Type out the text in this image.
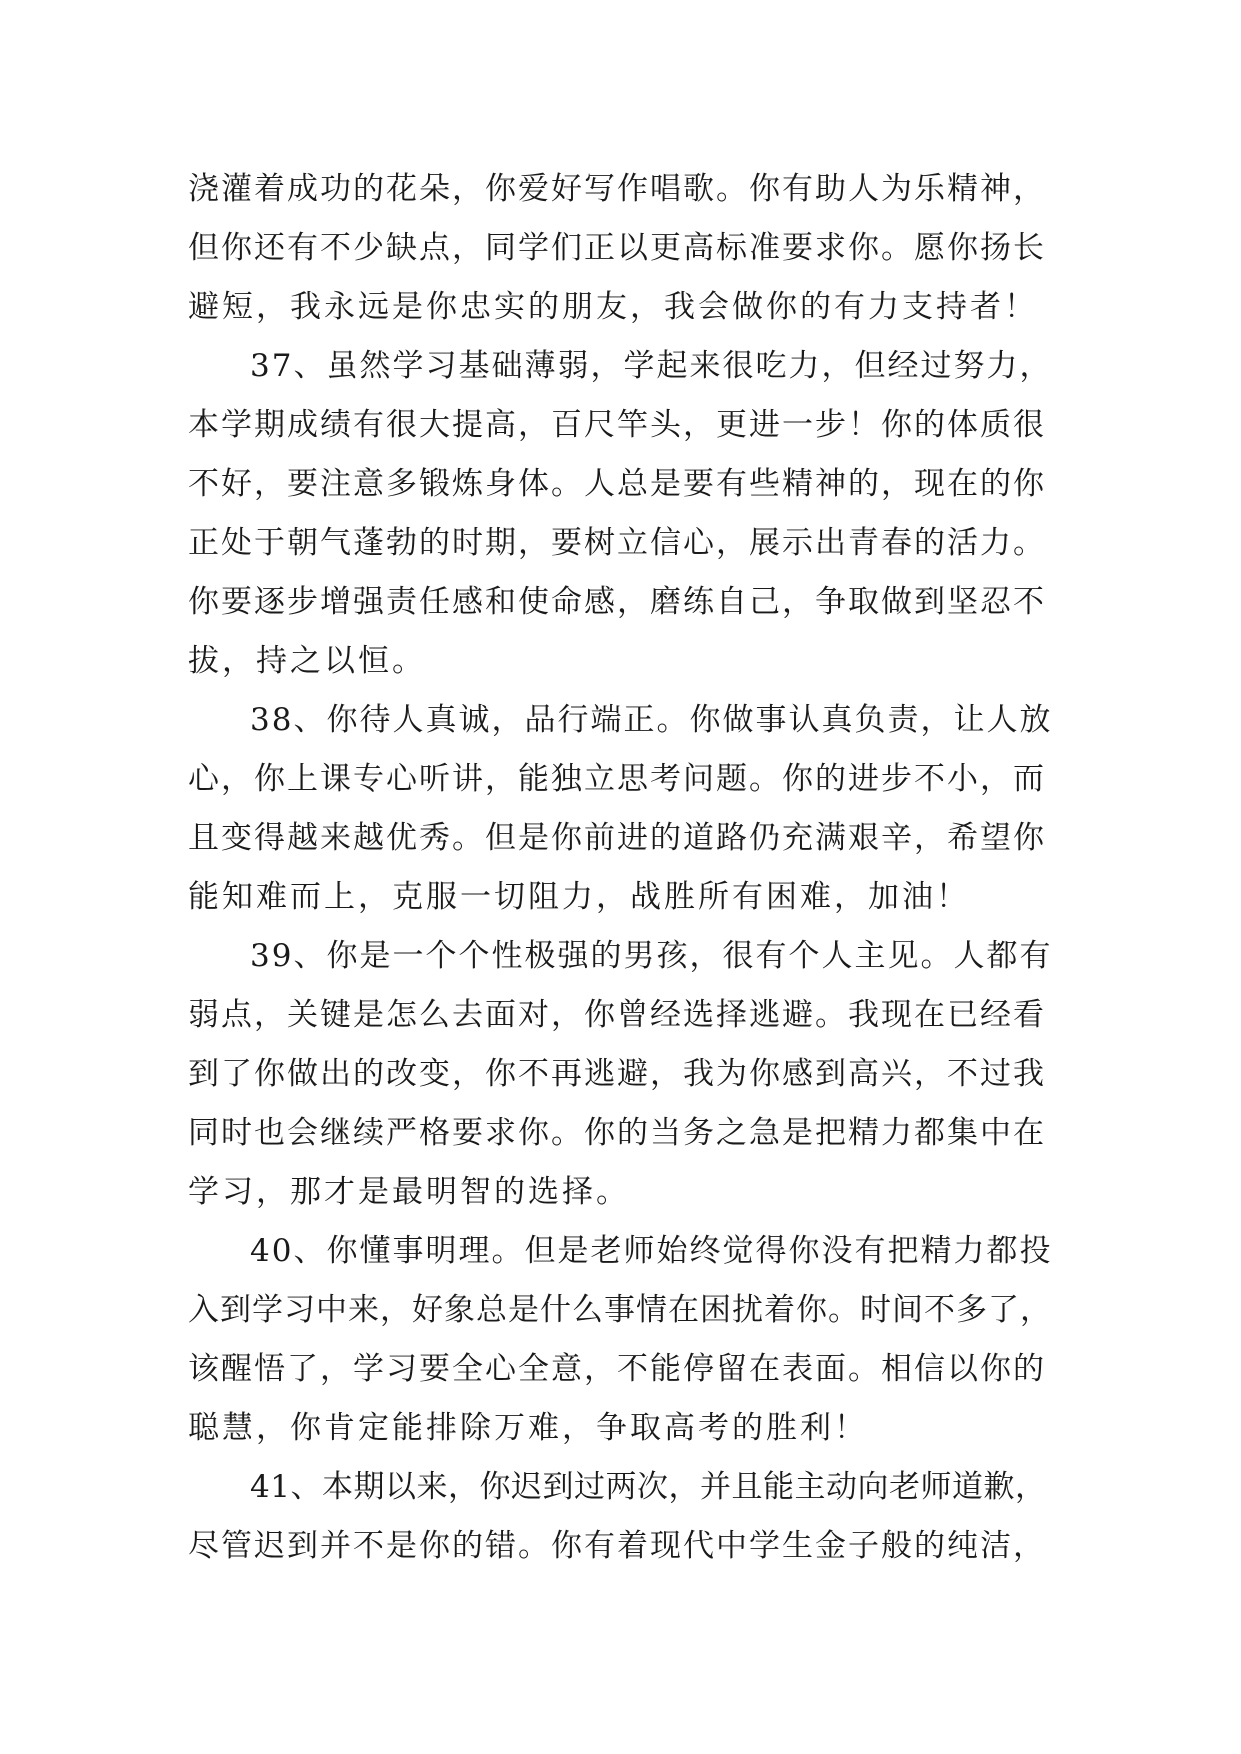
浇灌着成功的花朵，你爱好写作唱歌。你有助人为乐精神，
但你还有不少缺点，同学们正以更高标准要求你。愿你扬长
避短，我永远是你忠实的朋友，我会做你的有力支持者！
37、虽然学习基础薄弱，学起来很吃力，但经过努力，
本学期成绩有很大提高，百尺竿头，更进一步！你的体质很
不好，要注意多锻炼身体。人总是要有些精神的，现在的你
正处于朝气蓬勃的时期，要树立信心，展示出青春的活力。
你要逐步增强责任感和使命感，磨练自己，争取做到坚忍不
拔，持之以恒。
38、你待人真诚，品行端正。你做事认真负责，让人放
心，你上课专心听讲，能独立思考问题。你的进步不小，而
且变得越来越优秀。但是你前进的道路仍充满艰辛，希望你
能知难而上，克服一切阻力，战胜所有困难，加油！
39、你是一个个性极强的男孩，很有个人主见。人都有
弱点，关键是怎么去面对，你曾经选择逃避。我现在已经看
到了你做出的改变，你不再逃避，我为你感到高兴，不过我
同时也会继续严格要求你。你的当务之急是把精力都集中在
学习，那才是最明智的选择。
40、你懂事明理。但是老师始终觉得你没有把精力都投
入到学习中来，好象总是什么事情在困扰着你。时间不多了，
该醒悟了，学习要全心全意，不能停留在表面。相信以你的
聪慧，你肯定能排除万难，争取高考的胜利！
41、本期以来，你迟到过两次，并且能主动向老师道歉，
尽管迟到并不是你的错。你有着现代中学生金子般的纯洁，
